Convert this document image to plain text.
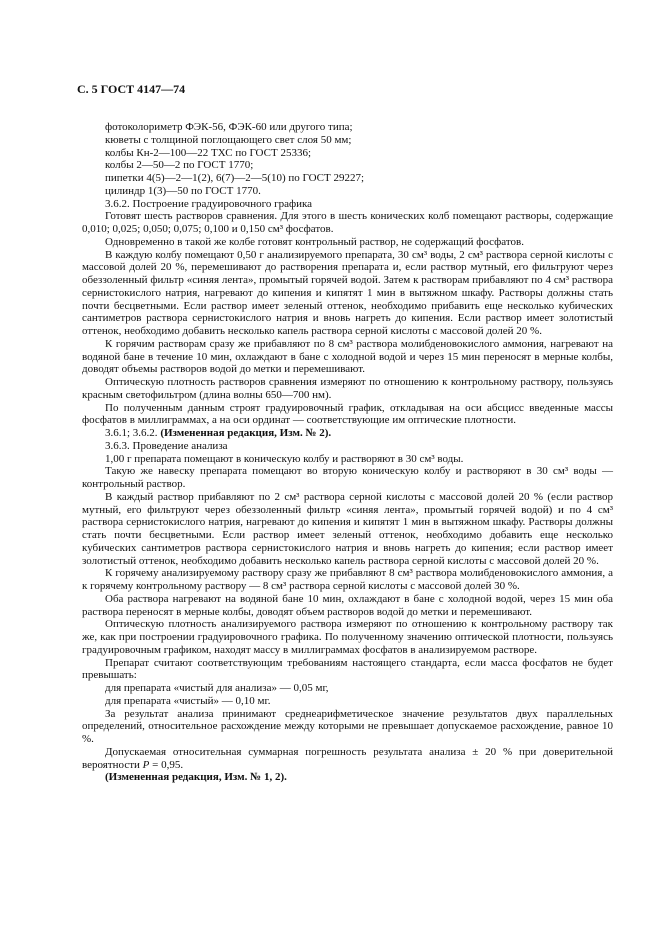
С. 5 ГОСТ 4147—74

фотоколориметр ФЭК-56, ФЭК-60 или другого типа;

кюветы с толщиной поглощающего свет слоя 50 мм;

колбы Кн-2—100—22 ТХС по ГОСТ 25336;

колбы 2—50—2 по ГОСТ 1770;

пипетки 4(5)—2—1(2), 6(7)—2—5(10) по ГОСТ 29227;

цилиндр 1(3)—50 по ГОСТ 1770.

3.6.2. Построение градуировочного графика

Готовят шесть растворов сравнения. Для этого в шесть конических колб помещают растворы, содержащие 0,010; 0,025; 0,050; 0,075; 0,100 и 0,150 см³ фосфатов.

Одновременно в такой же колбе готовят контрольный раствор, не содержащий фосфатов.

В каждую колбу помещают 0,50 г анализируемого препарата, 30 см³ воды, 2 см³ раствора серной кислоты с массовой долей 20 %, перемешивают до растворения препарата и, если раствор мутный, его фильтруют через обеззоленный фильтр «синяя лента», промытый горячей водой. Затем к растворам прибавляют по 4 см³ раствора сернистокислого натрия, нагревают до кипения и кипятят 1 мин в вытяжном шкафу. Растворы должны стать почти бесцветными. Если раствор имеет зеленый оттенок, необходимо прибавить еще несколько кубических сантиметров раствора сернистокислого натрия и вновь нагреть до кипения. Если раствор имеет золотистый оттенок, необходимо добавить несколько капель раствора серной кислоты с массовой долей 20 %.

К горячим растворам сразу же прибавляют по 8 см³ раствора молибденовокислого аммония, нагревают на водяной бане в течение 10 мин, охлаждают в бане с холодной водой и через 15 мин переносят в мерные колбы, доводят объемы растворов водой до метки и перемешивают.

Оптическую плотность растворов сравнения измеряют по отношению к контрольному раствору, пользуясь красным светофильтром (длина волны 650—700 нм).

По полученным данным строят градуировочный график, откладывая на оси абсцисс введенные массы фосфатов в миллиграммах, а на оси ординат — соответствующие им оптические плотности.

3.6.1; 3.6.2. (Измененная редакция, Изм. № 2).

3.6.3. Проведение анализа

1,00 г препарата помещают в коническую колбу и растворяют в 30 см³ воды.

Такую же навеску препарата помещают во вторую коническую колбу и растворяют в 30 см³ воды — контрольный раствор.

В каждый раствор прибавляют по 2 см³ раствора серной кислоты с массовой долей 20 % (если раствор мутный, его фильтруют через обеззоленный фильтр «синяя лента», промытый горячей водой) и по 4 см³ раствора сернистокислого натрия, нагревают до кипения и кипятят 1 мин в вытяжном шкафу. Растворы должны стать почти бесцветными. Если раствор имеет зеленый оттенок, необходимо добавить еще несколько кубических сантиметров раствора сернистокислого натрия и вновь нагреть до кипения; если раствор имеет золотистый оттенок, необходимо добавить несколько капель раствора серной кислоты с массовой долей 20 %.

К горячему анализируемому раствору сразу же прибавляют 8 см³ раствора молибденовокислого аммония, а к горячему контрольному раствору — 8 см³ раствора серной кислоты с массовой долей 30 %.

Оба раствора нагревают на водяной бане 10 мин, охлаждают в бане с холодной водой, через 15 мин оба раствора переносят в мерные колбы, доводят объем растворов водой до метки и перемешивают.

Оптическую плотность анализируемого раствора измеряют по отношению к контрольному раствору так же, как при построении градуировочного графика. По полученному значению оптической плотности, пользуясь градуировочным графиком, находят массу в миллиграммах фосфатов в анализируемом растворе.

Препарат считают соответствующим требованиям настоящего стандарта, если масса фосфатов не будет превышать:

для препарата «чистый для анализа» — 0,05 мг,

для препарата «чистый» — 0,10 мг.

За результат анализа принимают среднеарифметическое значение результатов двух параллельных определений, относительное расхождение между которыми не превышает допускаемое расхождение, равное 10 %.

Допускаемая относительная суммарная погрешность результата анализа ± 20 % при доверительной вероятности P = 0,95.

(Измененная редакция, Изм. № 1, 2).
